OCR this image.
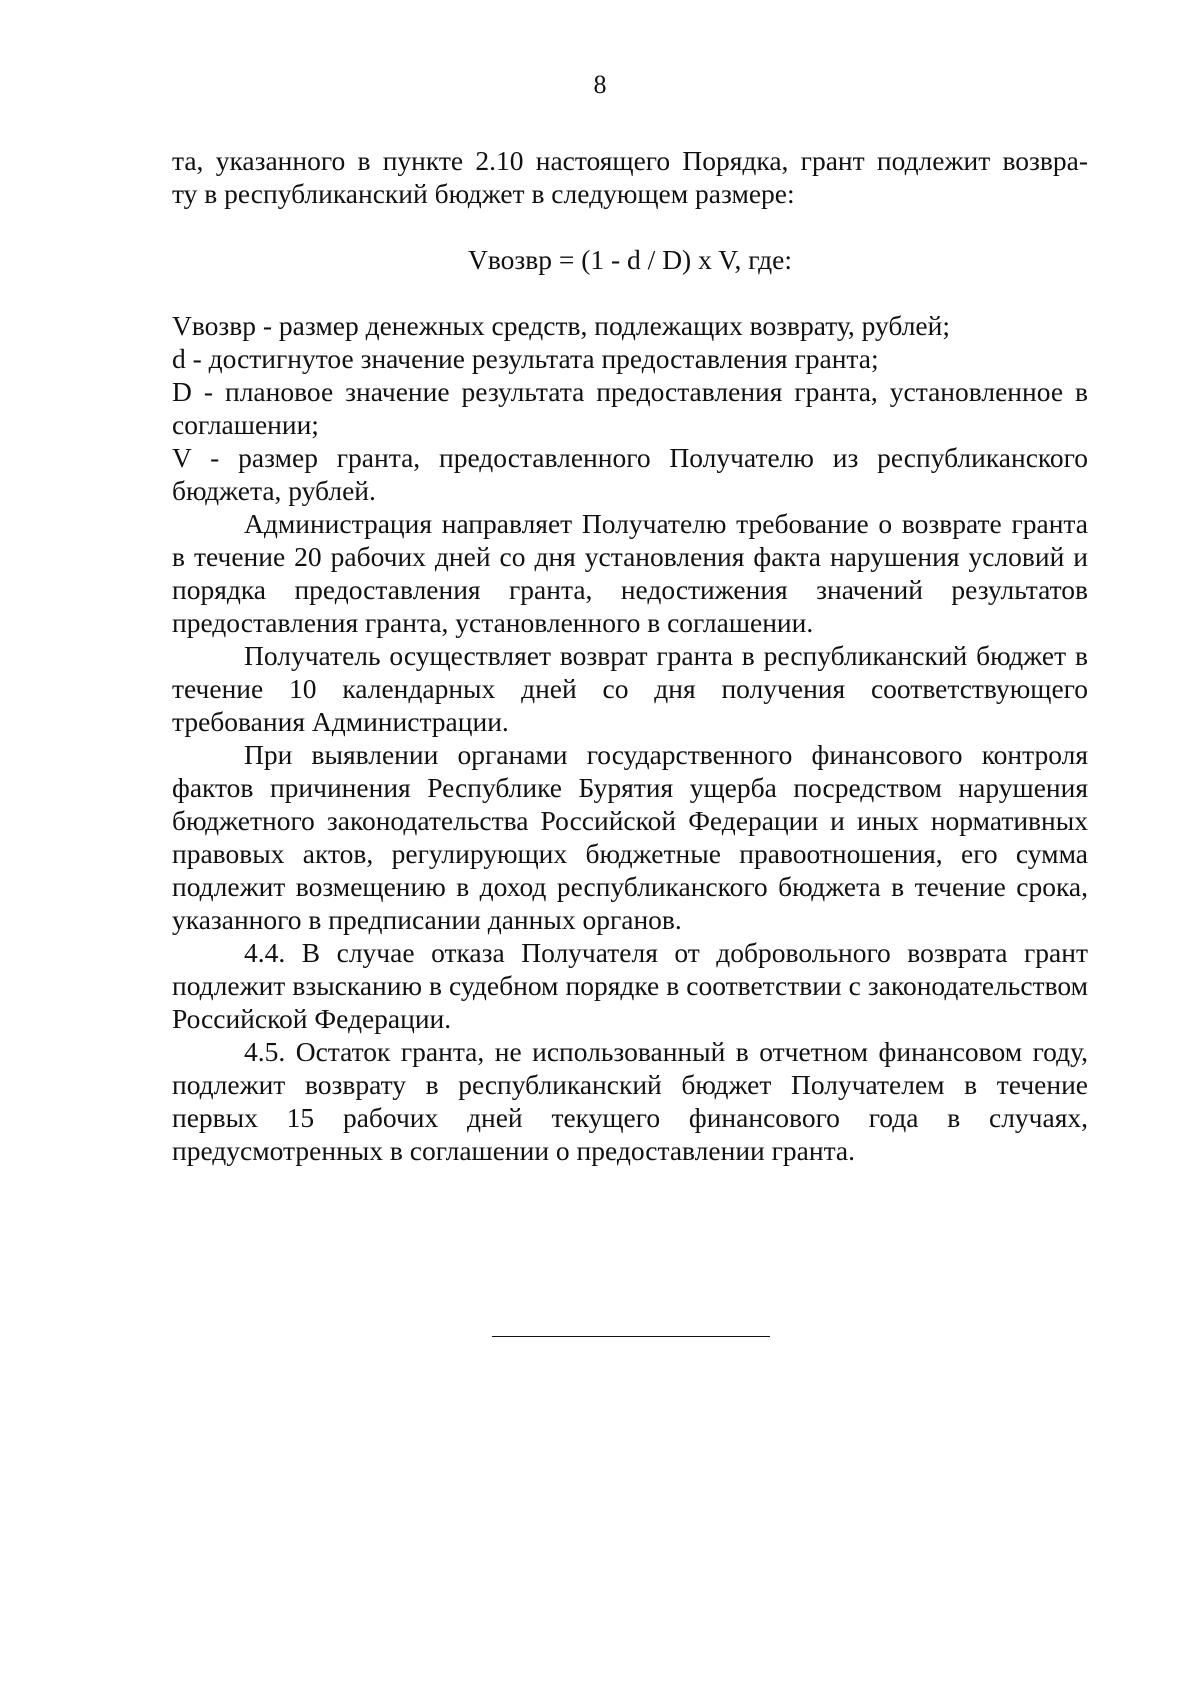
8

та, указанного в пункте 2.10 настоящего Порядка, грант подлежит возвра-

ту в республиканский бюджет в следующем размере:

Vвозвр = (1 - d / D) x V, где:

Vвозвр - размер денежных средств, подлежащих возврату, рублей;

d - достигнутое значение результата предоставления гранта;

D - плановое значение результата предоставления гранта, установленное в соглашении;

V - размер гранта, предоставленного Получателю из республиканского бюджета, рублей.

Администрация направляет Получателю требование о возврате гранта в течение 20 рабочих дней со дня установления факта нарушения условий и порядка предоставления гранта, недостижения значений результатов предоставления гранта, установленного в соглашении.

Получатель осуществляет возврат гранта в республиканский бюджет в течение 10 календарных дней со дня получения соответствующего требования Администрации.

При выявлении органами государственного финансового контроля фактов причинения Республике Бурятия ущерба посредством нарушения бюджетного законодательства Российской Федерации и иных нормативных правовых актов, регулирующих бюджетные правоотношения, его сумма подлежит возмещению в доход республиканского бюджета в течение срока, указанного в предписании данных органов.

4.4. В случае отказа Получателя от добровольного возврата грант подлежит взысканию в судебном порядке в соответствии с законодательством Российской Федерации.

4.5. Остаток гранта, не использованный в отчетном финансовом году, подлежит возврату в республиканский бюджет Получателем в течение первых 15 рабочих дней текущего финансового года в случаях, предусмотренных в соглашении о предоставлении гранта.
